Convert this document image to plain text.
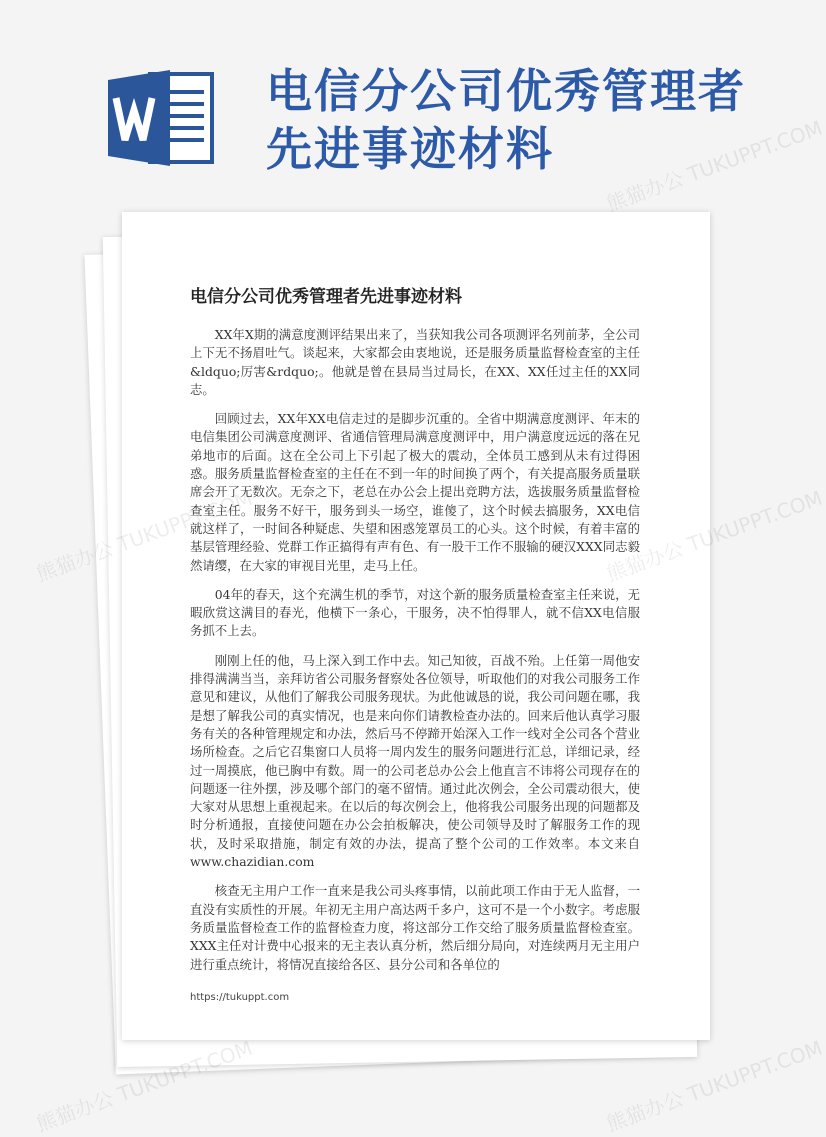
电信分公司优秀管理者
先进事迹材料
电信分公司优秀管理者先进事迹材料

XX年X期的满意度测评结果出来了，当获知我公司各项测评名列前茅，全公司上下无不扬眉吐气。谈起来，大家都会由衷地说，还是服务质量监督检查室的主任&ldquo;厉害&rdquo;。他就是曾在县局当过局长，在XX、XX任过主任的XX同志。

回顾过去，XX年XX电信走过的是脚步沉重的。全省中期满意度测评、年末的电信集团公司满意度测评、省通信管理局满意度测评中，用户满意度远远的落在兄弟地市的后面。这在全公司上下引起了极大的震动，全体员工感到从未有过得困惑。服务质量监督检查室的主任在不到一年的时间换了两个，有关提高服务质量联席会开了无数次。无奈之下，老总在办公会上提出竞聘方法，选拔服务质量监督检查室主任。服务不好干，服务到头一场空，谁傻了，这个时候去搞服务，XX电信就这样了，一时间各种疑虑、失望和困惑笼罩员工的心头。这个时候，有着丰富的基层管理经验、党群工作正搞得有声有色、有一股干工作不服输的硬汉XXX同志毅然请缨，在大家的审视目光里，走马上任。

04年的春天，这个充满生机的季节，对这个新的服务质量检查室主任来说，无暇欣赏这满目的春光，他横下一条心，干服务，决不怕得罪人，就不信XX电信服务抓不上去。

刚刚上任的他，马上深入到工作中去。知己知彼，百战不殆。上任第一周他安排得满满当当，亲拜访省公司服务督察处各位领导，听取他们的对我公司服务工作意见和建议，从他们了解我公司服务现状。为此他诚恳的说，我公司问题在哪，我是想了解我公司的真实情况，也是来向你们请教检查办法的。回来后他认真学习服务有关的各种管理规定和办法，然后马不停蹄开始深入工作一线对全公司各个营业场所检查。之后它召集窗口人员将一周内发生的服务问题进行汇总，详细记录，经过一周摸底，他已胸中有数。周一的公司老总办公会上他直言不讳将公司现存在的问题逐一往外摆，涉及哪个部门的毫不留情。通过此次例会，全公司震动很大，使大家对从思想上重视起来。在以后的每次例会上，他将我公司服务出现的问题都及时分析通报，直接使问题在办公会拍板解决，使公司领导及时了解服务工作的现状，及时采取措施，制定有效的办法，提高了整个公司的工作效率。本文来自 www.chazidian.com

核查无主用户工作一直来是我公司头疼事情，以前此项工作由于无人监督，一直没有实质性的开展。年初无主用户高达两千多户，这可不是一个小数字。考虑服务质量监督检查工作的监督检查力度，将这部分工作交给了服务质量监督检查室。XXX主任对计费中心报来的无主表认真分析，然后细分局向，对连续两月无主用户进行重点统计，将情况直接给各区、县分公司和各单位的

https://tukuppt.com
熊猫办公 TUKUPPT.COM
熊猫办公	熊猫办公 TUKUPPT.COM
熊猫办公 TUKUPPT.COM	熊猫办公 TUKUPPT.COM
